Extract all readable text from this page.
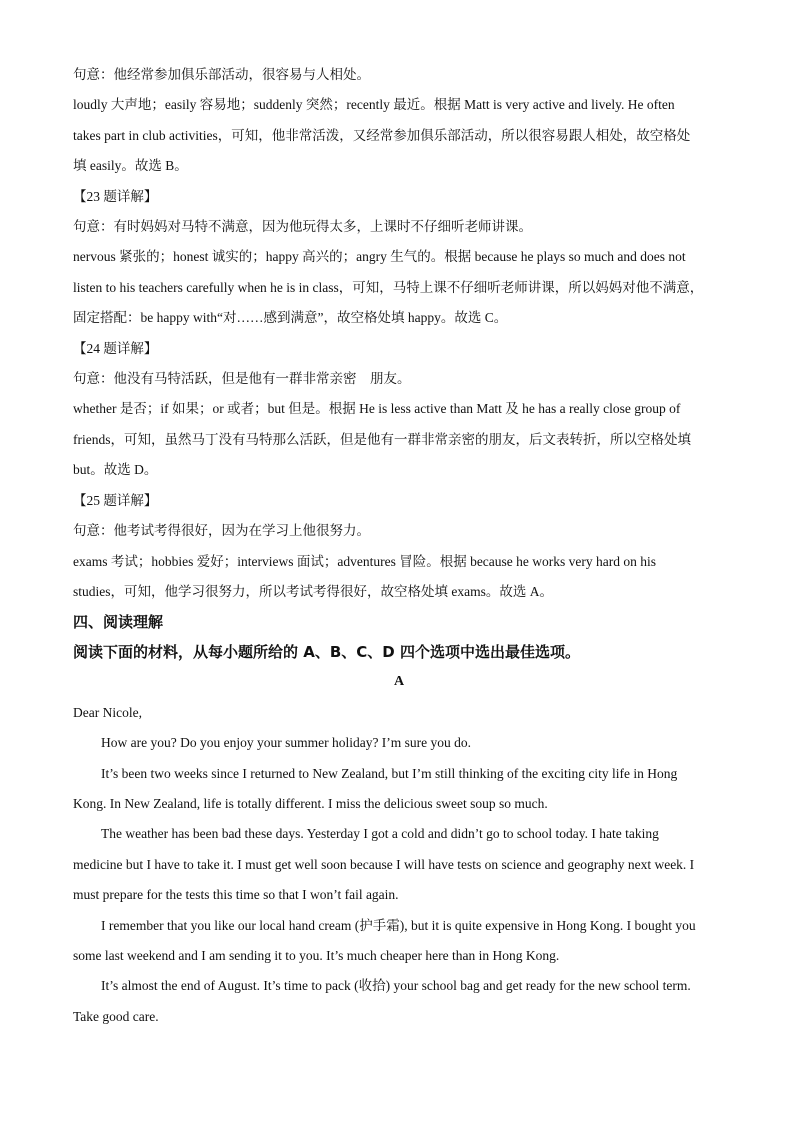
句意：他经常参加俱乐部活动，很容易与人相处。
loudly 大声地；easily 容易地；suddenly 突然；recently 最近。根据 Matt is very active and lively. He often
takes part in club activities，可知，他非常活泼，又经常参加俱乐部活动，所以很容易跟人相处，故空格处
填 easily。故选 B。
【23 题详解】
句意：有时妈妈对马特不满意，因为他玩得太多，上课时不仔细听老师讲课。
nervous 紧张的；honest 诚实的；happy 高兴的；angry 生气的。根据 because he plays so much and does not
listen to his teachers carefully when he is in class，可知，马特上课不仔细听老师讲课，所以妈妈对他不满意，
固定搭配：be happy with“对……感到满意”，故空格处填 happy。故选 C。
【24 题详解】
句意：他没有马特活跃，但是他有一群非常亲密　朋友。
whether 是否；if 如果；or 或者；but 但是。根据 He is less active than Matt 及 he has a really close group of
friends，可知，虽然马丁没有马特那么活跃，但是他有一群非常亲密的朋友，后文表转折，所以空格处填
but。故选 D。
【25 题详解】
句意：他考试考得很好，因为在学习上他很努力。
exams 考试；hobbies 爱好；interviews 面试；adventures 冒险。根据 because he works very hard on his
studies，可知，他学习很努力，所以考试考得很好，故空格处填 exams。故选 A。
四、阅读理解
阅读下面的材料，从每小题所给的 A、B、C、D 四个选项中选出最佳选项。
A
Dear Nicole,
How are you? Do you enjoy your summer holiday? I’m sure you do.
It’s been two weeks since I returned to New Zealand, but I’m still thinking of the exciting city life in Hong
Kong. In New Zealand, life is totally different. I miss the delicious sweet soup so much.
The weather has been bad these days. Yesterday I got a cold and didn’t go to school today. I hate taking
medicine but I have to take it. I must get well soon because I will have tests on science and geography next week. I
must prepare for the tests this time so that I won’t fail again.
I remember that you like our local hand cream (护手霜), but it is quite expensive in Hong Kong. I bought you
some last weekend and I am sending it to you. It’s much cheaper here than in Hong Kong.
It’s almost the end of August. It’s time to pack (收拾) your school bag and get ready for the new school term.
Take good care.
